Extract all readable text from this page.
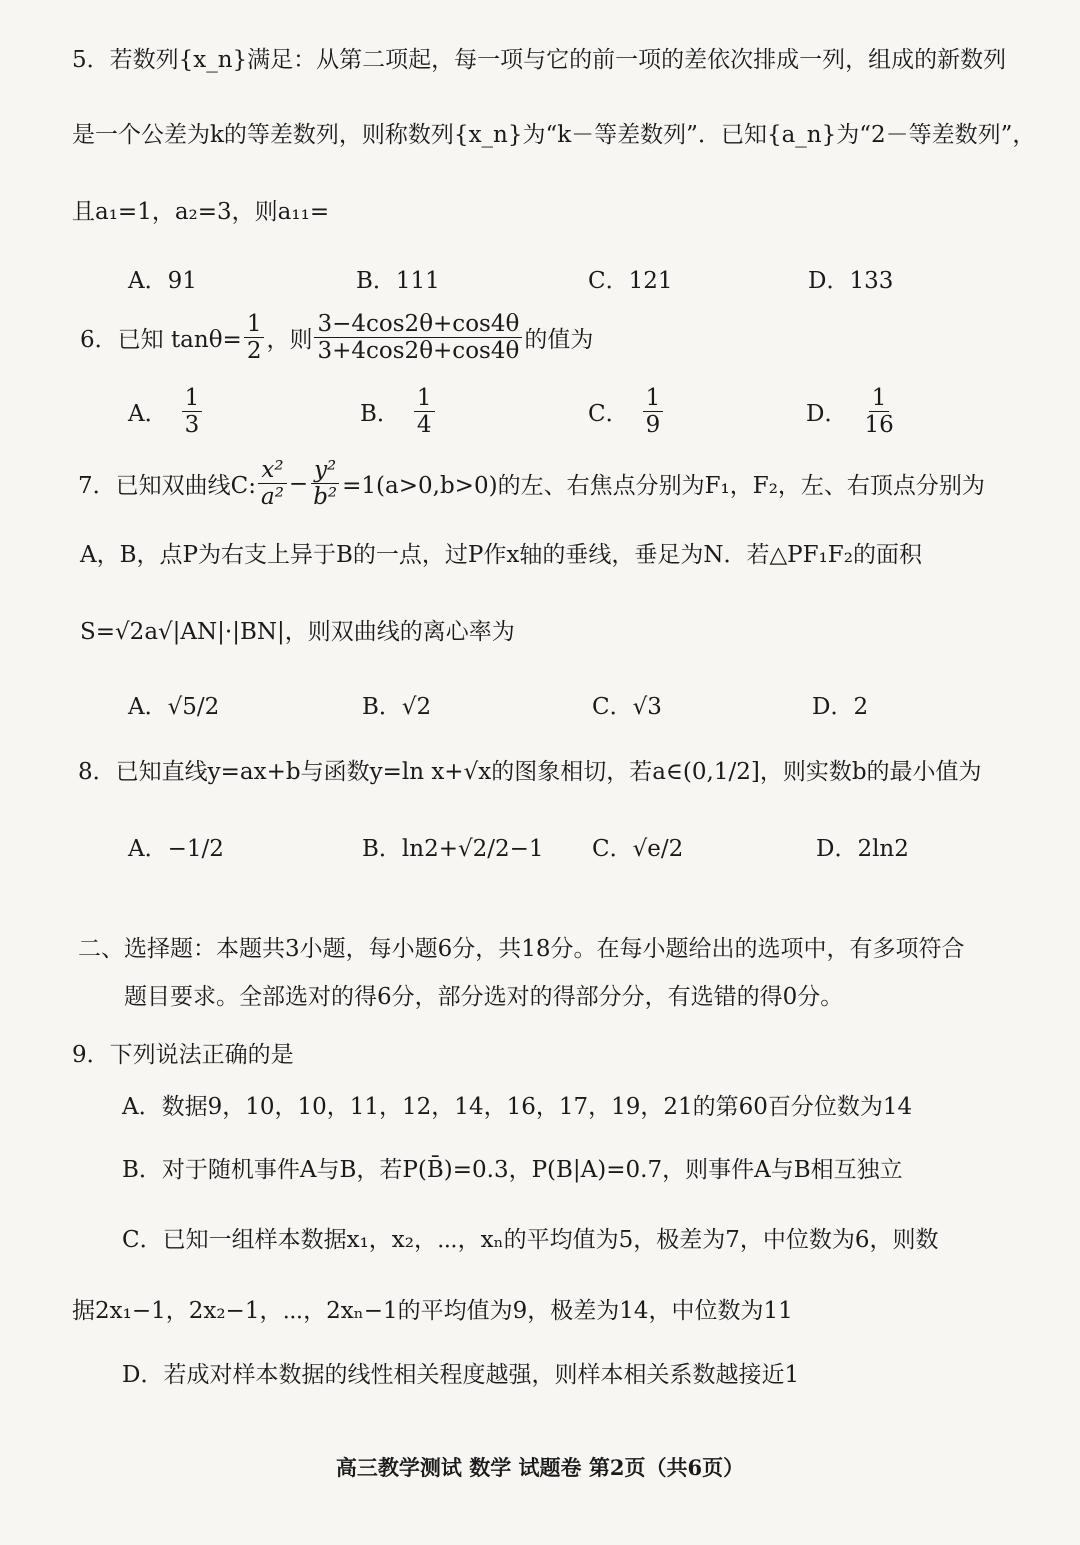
5．若数列{x_n}满足：从第二项起，每一项与它的前一项的差依次排成一列，组成的新数列
是一个公差为k的等差数列，则称数列{x_n}为“k－等差数列”．已知{a_n}为“2－等差数列”，
且a₁=1，a₂=3，则a₁₁=
A．91	B．111	C．121	D．133
6．已知 $\tan\theta= \frac{1}{2}$ ，则 $\frac{3-4\cos 2\theta+\cos 4\theta}{3+4\cos 2\theta+\cos 4\theta}$ 的值为
A． $\frac{1}{3}$	B． $\frac{1}{4}$	C． $\frac{1}{9}$	D． $\frac{1}{16}$
7．已知双曲线C: $\frac{\text{x²}}{\text{a²}} - \frac{\text{y²}}{\text{b²}} =1(a>0,b>0)$的左、右焦点分别为F₁，F₂，左、右顶点分别为
A，B，点P为右支上异于B的一点，过P作x轴的垂线，垂足为N．若△PF₁F₂的面积
S=√2a√|AN|·|BN|，则双曲线的离心率为
A．√5/2	B．√2	C．√3	D．2
8．已知直线y=ax+b与函数y=ln x+√x的图象相切，若a∈(0,1/2]，则实数b的最小值为
A．−1/2	B．ln2+√2/2−1 C．√e/2	D．2ln2
二、选择题：本题共3小题，每小题6分，共18分。在每小题给出的选项中，有多项符合
题目要求。全部选对的得6分，部分选对的得部分分，有选错的得0分。
9．下列说法正确的是
A．数据9，10，10，11，12，14，16，17，19，21的第60百分位数为14
B．对于随机事件A与B，若P(B̄)=0.3，P(B|A)=0.7，则事件A与B相互独立
C．已知一组样本数据x₁，x₂，⋯，xₙ的平均值为5，极差为7，中位数为6，则数
据2x₁−1，2x₂−1，⋯，2xₙ−1的平均值为9，极差为14，中位数为11
D．若成对样本数据的线性相关程度越强，则样本相关系数越接近1
高三教学测试 数学 试题卷 第2页（共6页）
